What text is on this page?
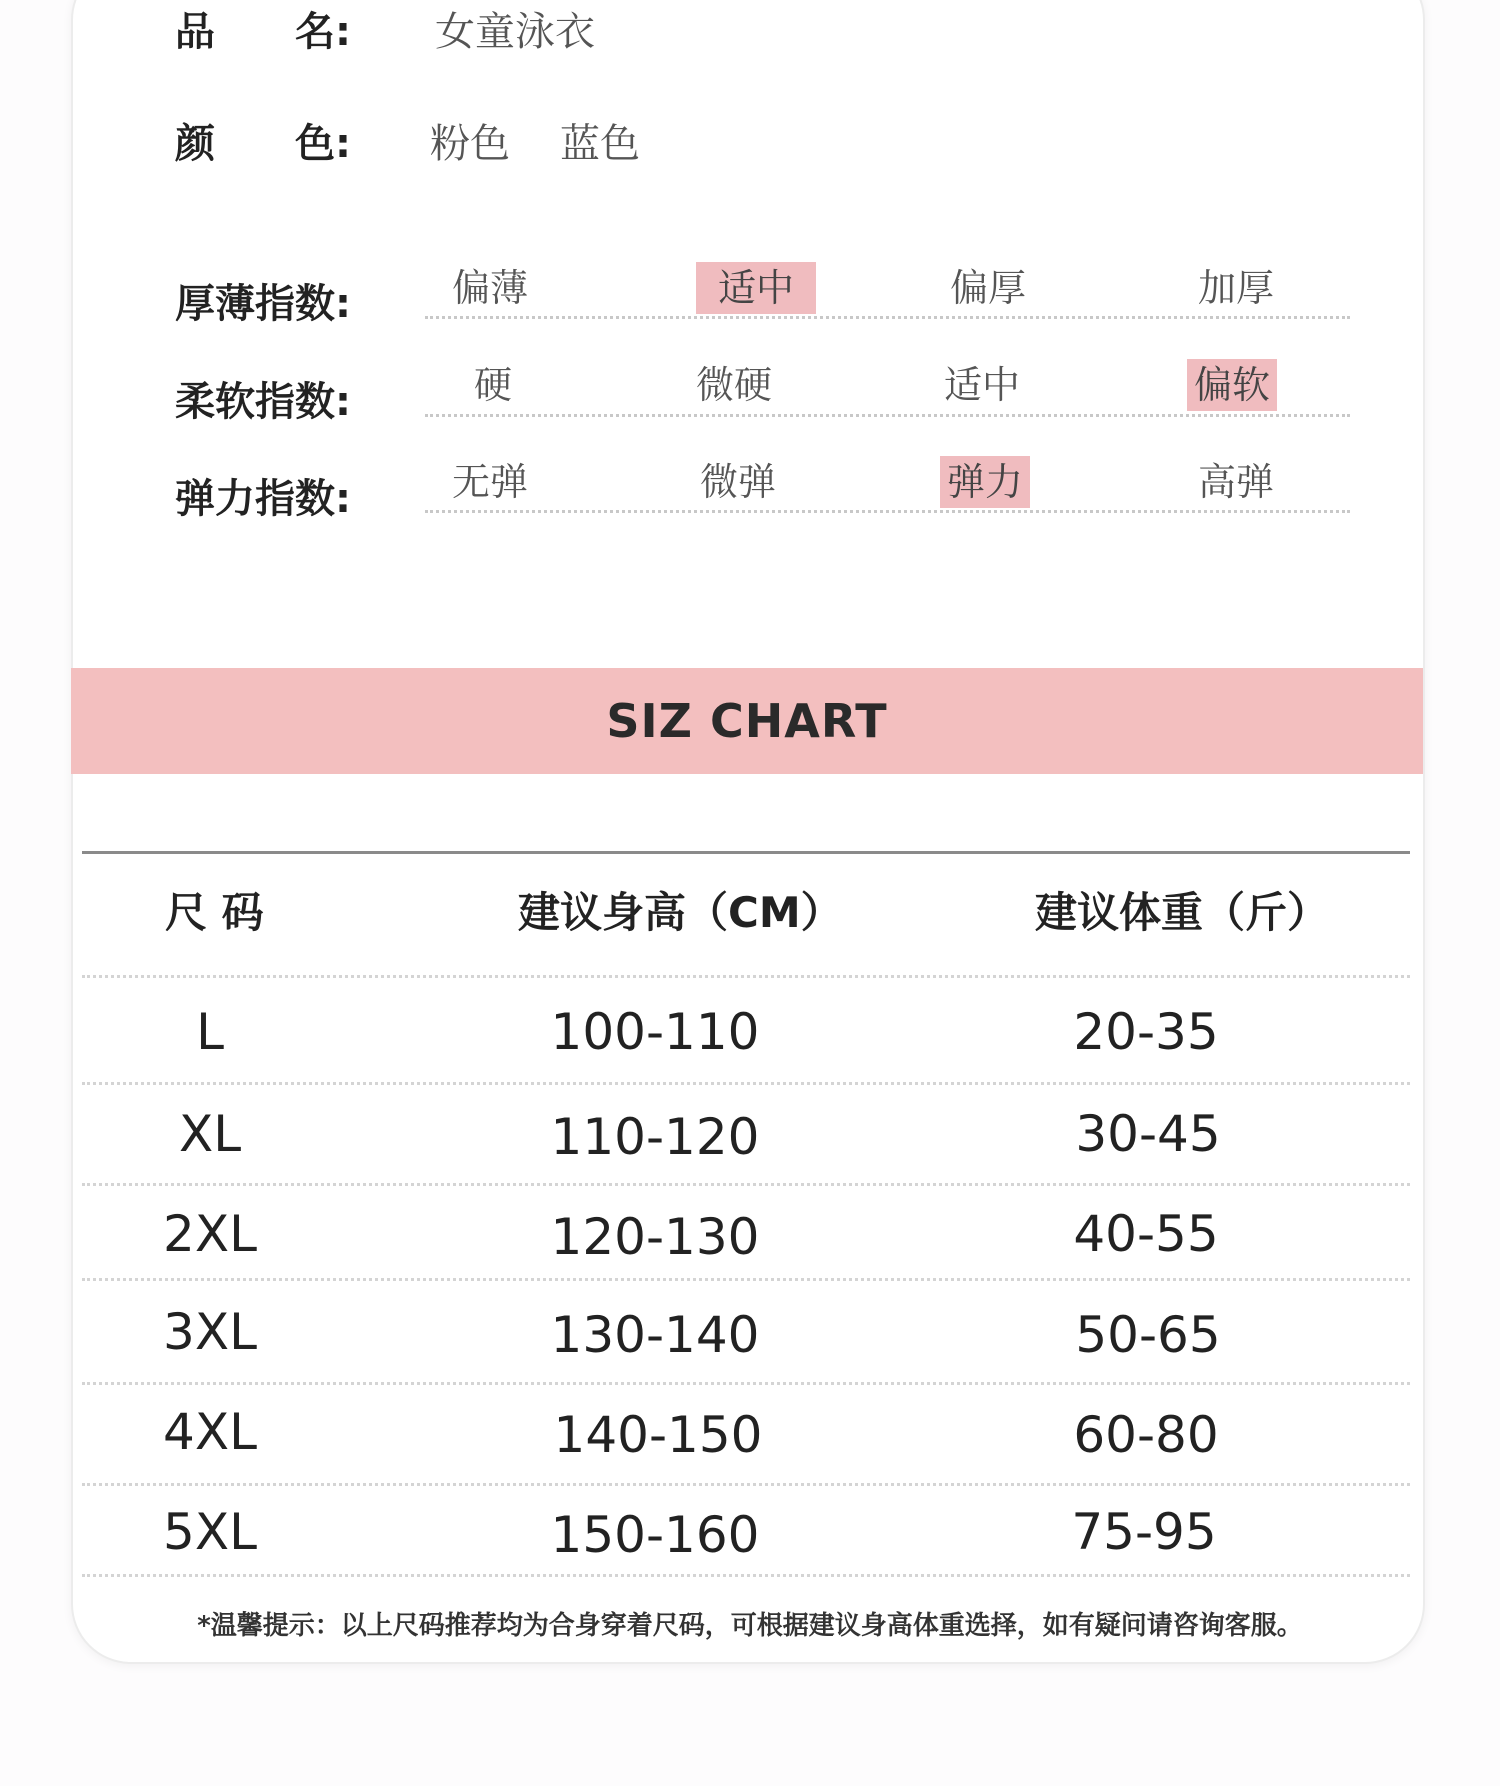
品　　名: 女童泳衣
颜　　色: 粉色 蓝色
厚薄指数:	偏薄	适中	偏厚	加厚
柔软指数:	硬	微硬	适中	偏软
弹力指数:	无弹	微弹	弹力	高弹
SIZ CHART
尺 码	建议身高（CM）	建议体重（斤）
L	100-110	20-35
XL	110-120	30-45
2XL	120-130	40-55
3XL	130-140	50-65
4XL	140-150	60-80
5XL	150-160	75-95
*温馨提示：以上尺码推荐均为合身穿着尺码，可根据建议身高体重选择，如有疑问请咨询客服。
